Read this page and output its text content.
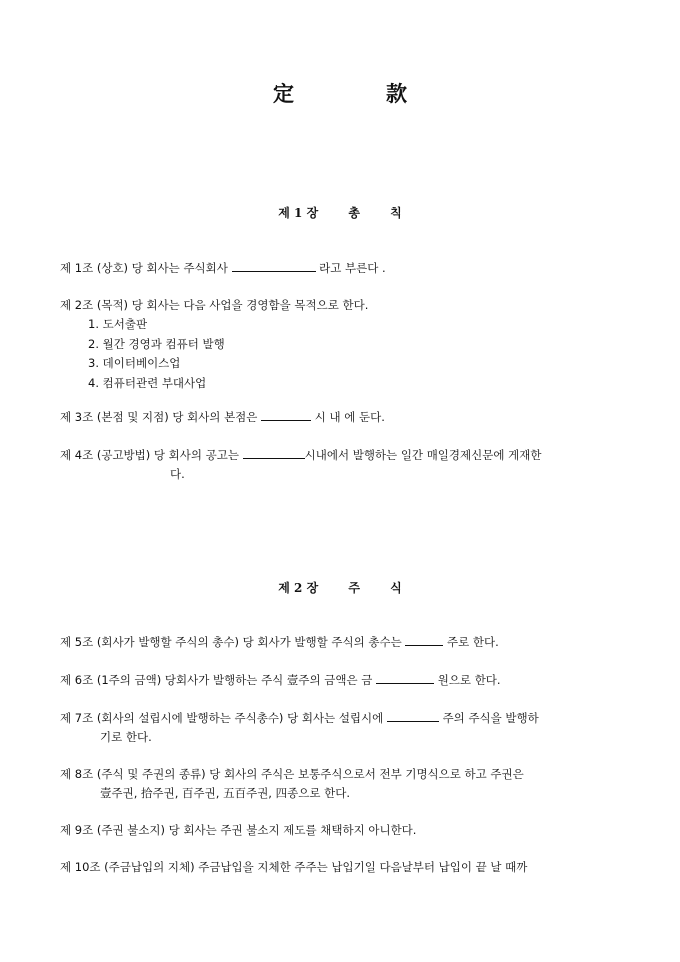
定	款
제 1 장	총	칙
제 1조 (상호) 당 회사는 주식회사	라고 부른다 .
제 2조 (목적) 당 회사는 다음 사업을 경영함을 목적으로 한다.
1. 도서출판
2. 월간 경영과 컴퓨터 발행
3. 데이터베이스업
4. 컴퓨터관련 부대사업
제 3조 (본점 및 지점) 당 회사의 본점은	시 내 에 둔다.
제 4조 (공고방법) 당 회사의 공고는	시내에서 발행하는 일간 매일경제신문에 게재한
다.
제 2 장	주	식
제 5조 (회사가 발행할 주식의 총수) 당 회사가 발행할 주식의 총수는	주로 한다.
제 6조 (1주의 금액) 당회사가 발행하는 주식 壹주의 금액은 금	원으로 한다.
제 7조 (회사의 설립시에 발행하는 주식총수) 당 회사는 설립시에	주의 주식을 발행하
기로 한다.
제 8조 (주식 및 주권의 종류) 당 회사의 주식은 보통주식으로서 전부 기명식으로 하고 주권은
壹주권, 拾주권, 百주권, 五百주권, 四종으로 한다.
제 9조 (주권 불소지) 당 회사는 주권 불소지 제도를 채택하지 아니한다.
제 10조 (주금납입의 지체) 주금납입을 지체한 주주는 납입기일 다음날부터 납입이 끝 날 때까
